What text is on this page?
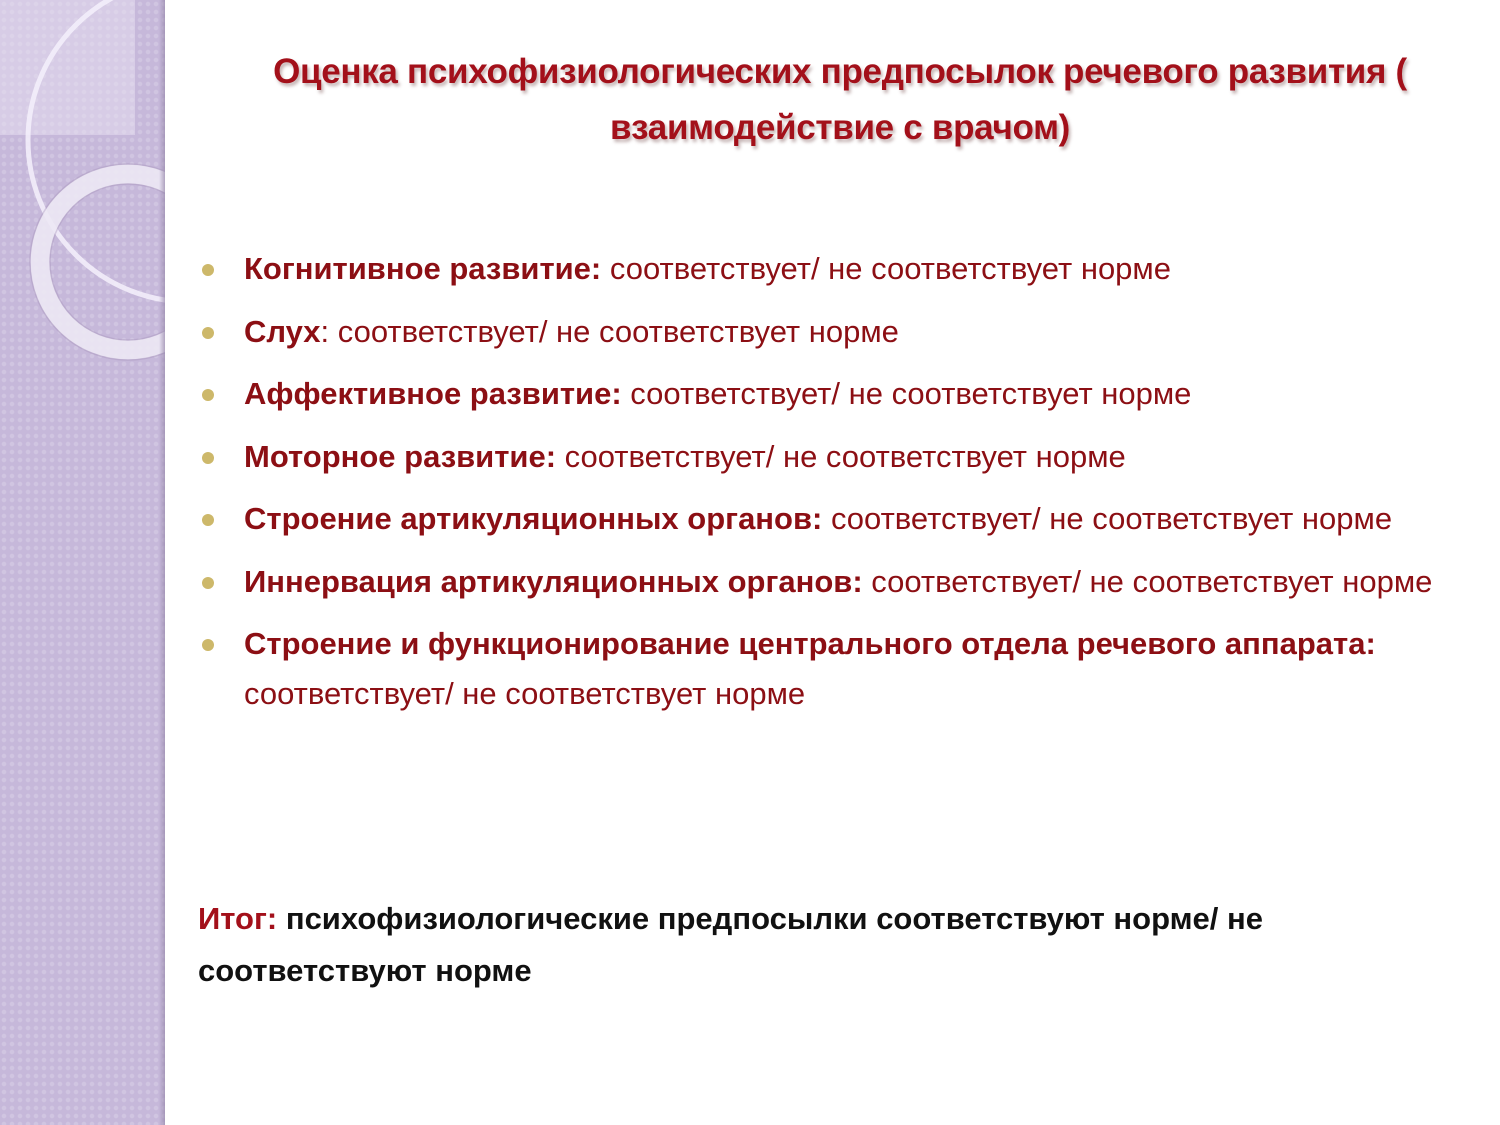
Оценка психофизиологических предпосылок речевого развития ( взаимодействие с врачом)
Когнитивное развитие: соответствует/ не соответствует норме
Слух: соответствует/ не соответствует норме
Аффективное развитие: соответствует/ не соответствует норме
Моторное развитие: соответствует/ не соответствует норме
Строение артикуляционных органов: соответствует/ не соответствует норме
Иннервация артикуляционных органов: соответствует/ не соответствует норме
Строение и функционирование центрального отдела речевого аппарата: соответствует/ не соответствует норме
Итог: психофизиологические предпосылки соответствуют норме/ не соответствуют норме
